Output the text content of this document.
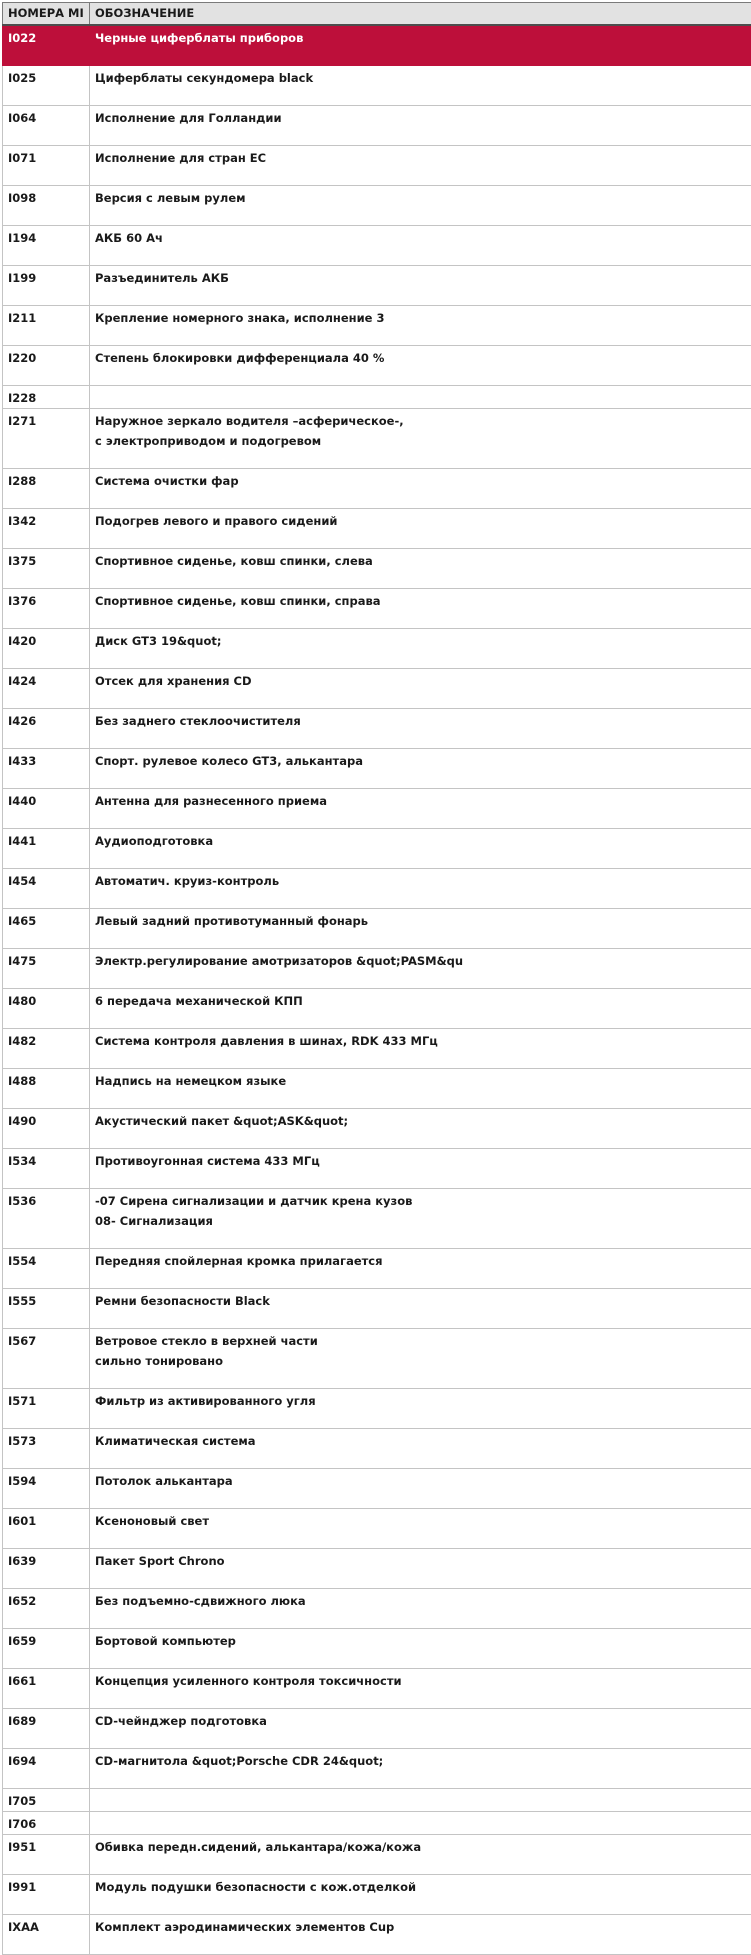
НОМЕРА MI	ОБОЗНАЧЕНИЕ

I022	Черные циферблаты приборов

I025	Циферблаты секундомера black

I064	Исполнение для Голландии

I071	Исполнение для стран ЕС

I098	Версия с левым рулем

I194	АКБ 60 Ач

I199	Разъединитель АКБ

I211	Крепление номерного знака, исполнение 3

I220	Степень блокировки дифференциала 40 %

I228	

I271	Наружное зеркало водителя –асферическое-,
с электроприводом и подогревом

I288	Система очистки фар

I342	Подогрев левого и правого сидений

I375	Спортивное сиденье, ковш спинки, слева

I376	Спортивное сиденье, ковш спинки, справа

I420	Диск GT3 19&quot;

I424	Отсек для хранения CD

I426	Без заднего стеклоочистителя

I433	Спорт. рулевое колесо GT3, алькантара

I440	Антенна для разнесенного приема

I441	Аудиоподготовка

I454	Автоматич. круиз-контроль

I465	Левый задний противотуманный фонарь

I475	Электр.регулирование амотризаторов &quot;PASM&qu

I480	6 передача механической КПП

I482	Система контроля давления в шинах, RDK 433 МГц

I488	Надпись на немецком языке

I490	Акустический пакет &quot;ASK&quot;

I534	Противоугонная система 433 МГц

I536	-07 Сирена сигнализации и датчик крена кузов
08- Сигнализация

I554	Передняя спойлерная кромка прилагается

I555	Ремни безопасности Black

I567	Ветровое стекло в верхней части
сильно тонировано

I571	Фильтр из активированного угля

I573	Климатическая система

I594	Потолок алькантара

I601	Ксеноновый свет

I639	Пакет Sport Chrono

I652	Без подъемно-сдвижного люка

I659	Бортовой компьютер

I661	Концепция усиленного контроля токсичности

I689	CD-чейнджер подготовка

I694	CD-магнитола &quot;Porsche CDR 24&quot;

I705	

I706	

I951	Обивка передн.сидений, алькантара/кожа/кожа

I991	Модуль подушки безопасности с кож.отделкой

IXAA	Комплект аэродинамических элементов Cup
